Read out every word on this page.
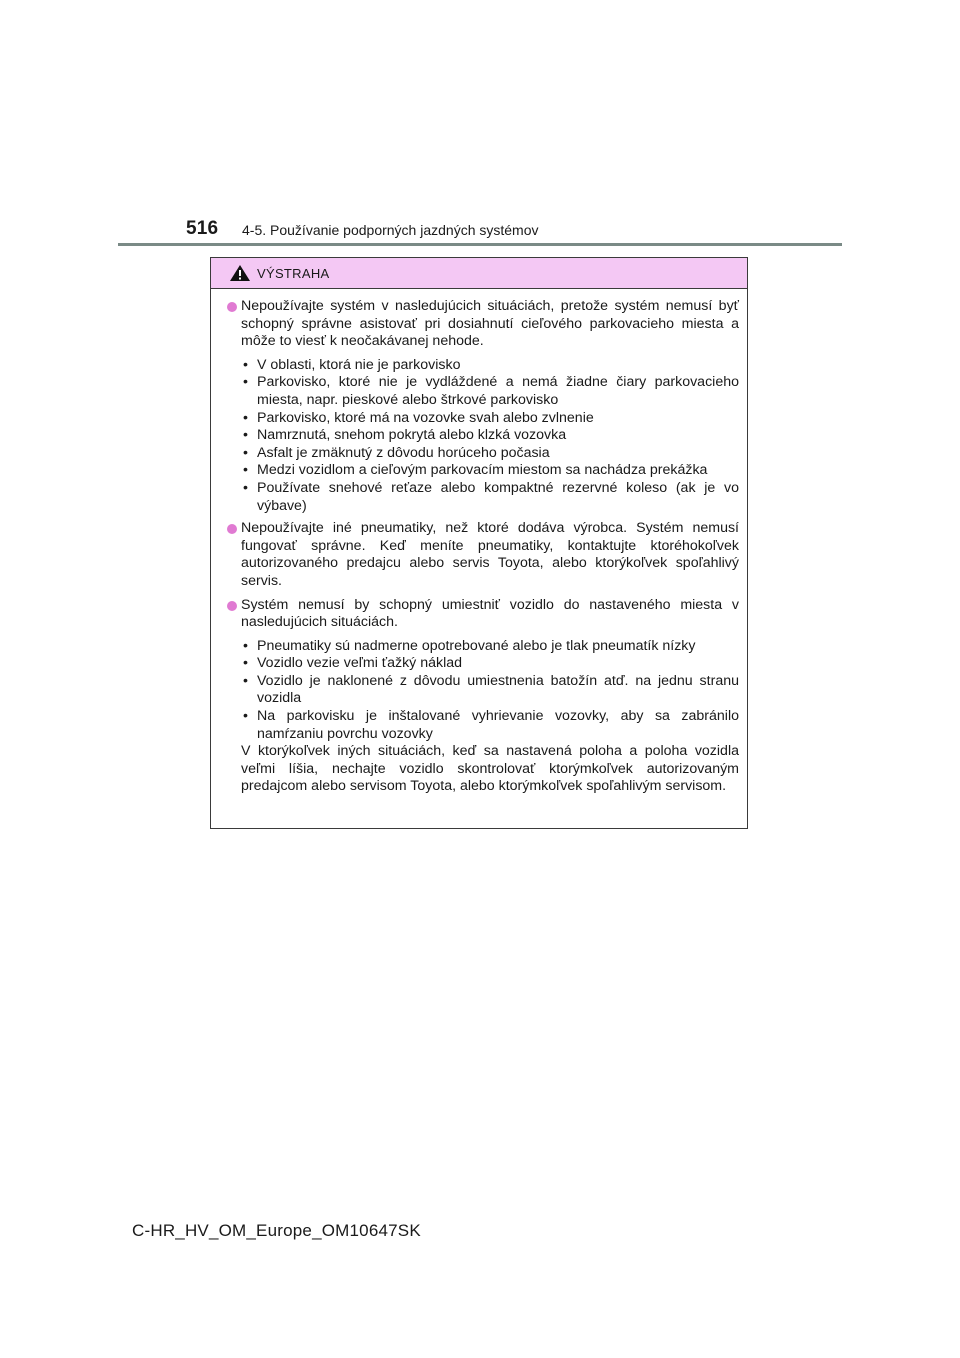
516 4-5. Používanie podporných jazdných systémov
VÝSTRAHA
Nepoužívajte systém v nasledujúcich situáciách, pretože systém nemusí byť schopný správne asistovať pri dosiahnutí cieľového parkovacieho miesta a môže to viesť k neočakávanej nehode.
• V oblasti, ktorá nie je parkovisko
• Parkovisko, ktoré nie je vydláždené a nemá žiadne čiary parkovacieho miesta, napr. pieskové alebo štrkové parkovisko
• Parkovisko, ktoré má na vozovke svah alebo zvlnenie
• Namrznutá, snehom pokrytá alebo klzká vozovka
• Asfalt je zmäknutý z dôvodu horúceho počasia
• Medzi vozidlom a cieľovým parkovacím miestom sa nachádza prekážka
• Používate snehové reťaze alebo kompaktné rezervné koleso (ak je vo výbave)
Nepoužívajte iné pneumatiky, než ktoré dodáva výrobca. Systém nemusí fungovať správne. Keď meníte pneumatiky, kontaktujte ktoréhokoľvek autorizovaného predajcu alebo servis Toyota, alebo ktorýkoľvek spoľahlivý servis.
Systém nemusí by schopný umiestniť vozidlo do nastaveného miesta v nasledujúcich situáciách.
• Pneumatiky sú nadmerne opotrebované alebo je tlak pneumatík nízky
• Vozidlo vezie veľmi ťažký náklad
• Vozidlo je naklonené z dôvodu umiestnenia batožín atď. na jednu stranu vozidla
• Na parkovisku je inštalované vyhrievanie vozovky, aby sa zabránilo namŕzaniu povrchu vozovky
V ktorýkoľvek iných situáciách, keď sa nastavená poloha a poloha vozidla veľmi líšia, nechajte vozidlo skontrolovať ktorýmkoľvek autorizovaným predajcom alebo servisom Toyota, alebo ktorýmkoľvek spoľahlivým servisom.
C-HR_HV_OM_Europe_OM10647SK
